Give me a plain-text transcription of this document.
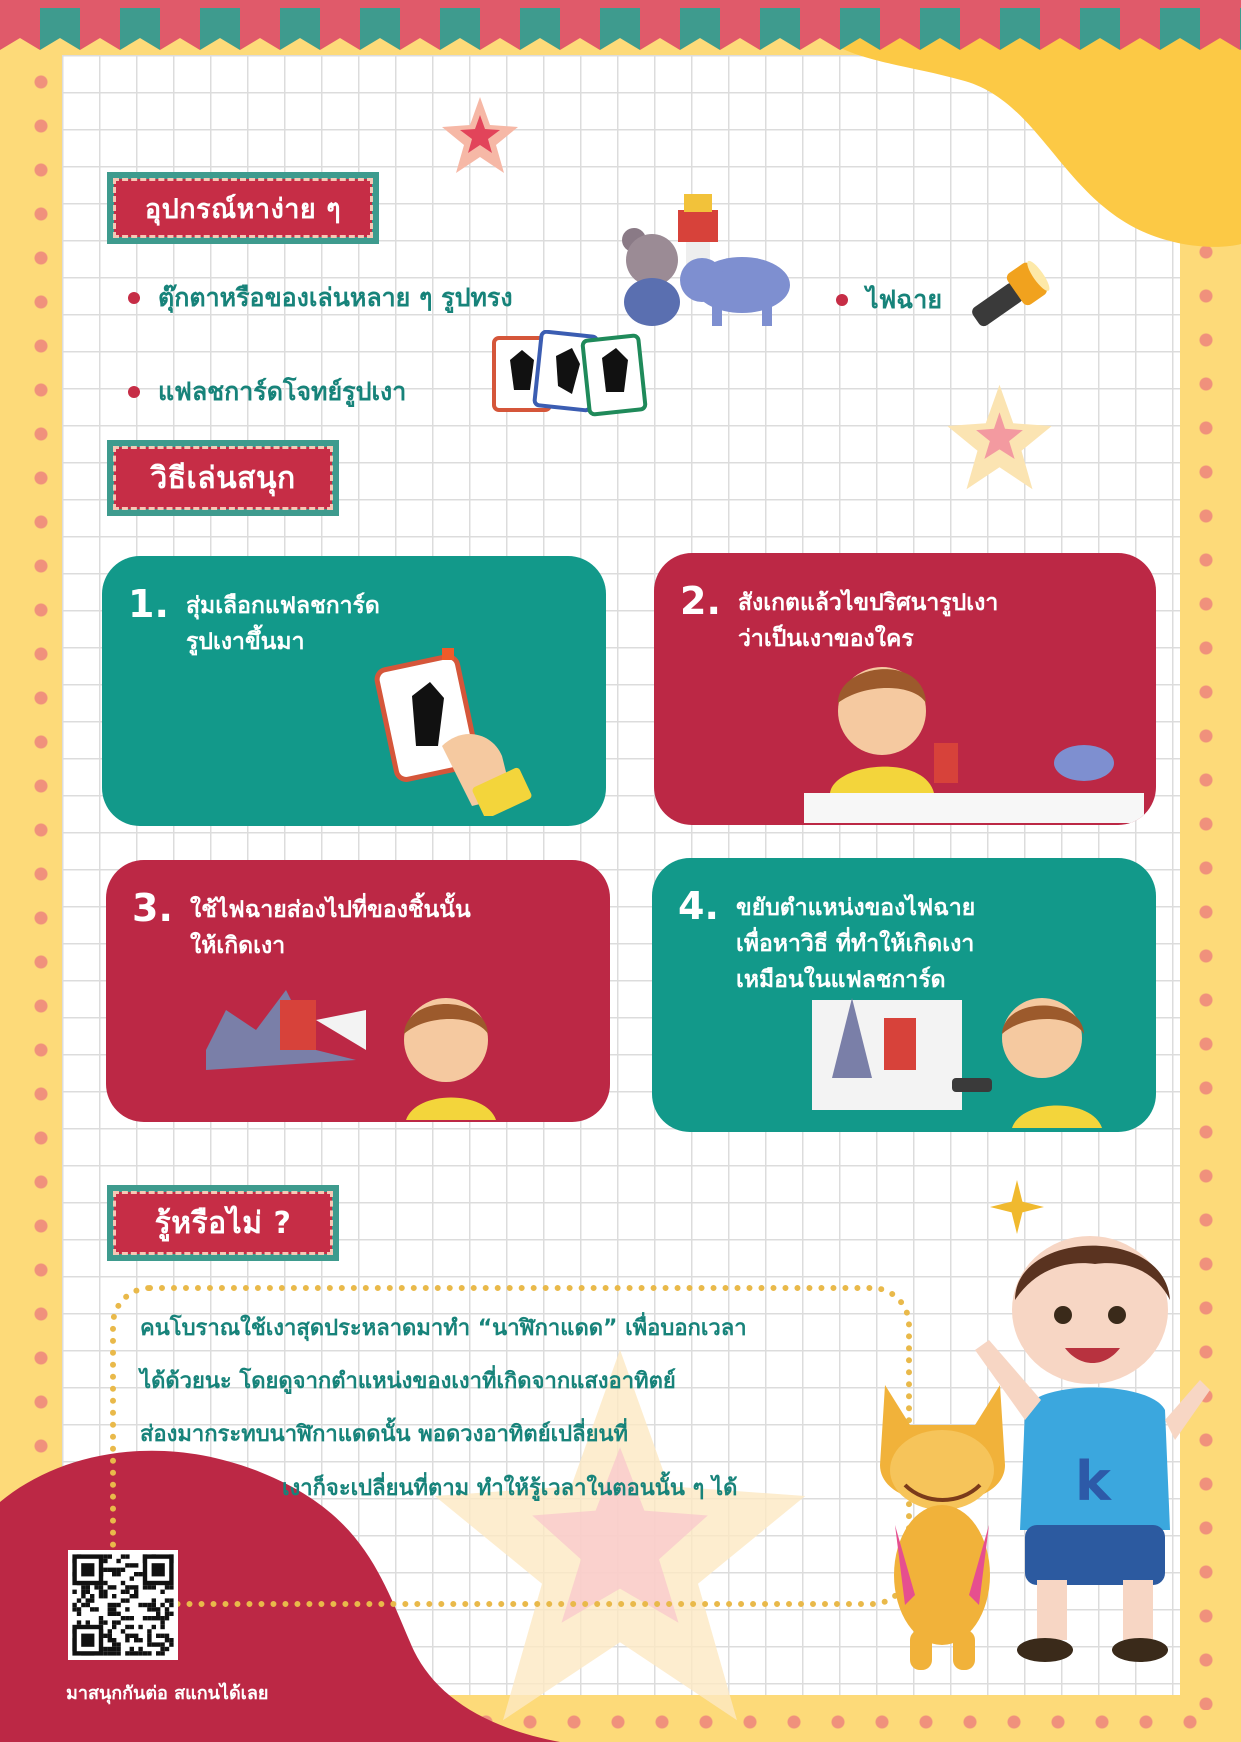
อุปกรณ์หาง่าย ๆ
ตุ๊กตาหรือของเล่นหลาย ๆ รูปทรง
แฟลชการ์ดโจทย์รูปเงา
ไฟฉาย
วิธีเล่นสนุก
1. สุ่มเลือกแฟลชการ์ด
รูปเงาขึ้นมา
2. สังเกตแล้วไขปริศนารูปเงา
ว่าเป็นเงาของใคร
3. ใช้ไฟฉายส่องไปที่ของชิ้นนั้น
ให้เกิดเงา
4. ขยับตำแหน่งของไฟฉาย
เพื่อหาวิธี ที่ทำให้เกิดเงา
เหมือนในแฟลชการ์ด
รู้หรือไม่ ?
คนโบราณใช้เงาสุดประหลาดมาทำ “นาฬิกาแดด” เพื่อบอกเวลา
ได้ด้วยนะ โดยดูจากตำแหน่งของเงาที่เกิดจากแสงอาทิตย์
ส่องมากระทบนาฬิกาแดดนั้น พอดวงอาทิตย์เปลี่ยนที่
เงาก็จะเปลี่ยนที่ตาม ทำให้รู้เวลาในตอนนั้น ๆ ได้	k
มาสนุกกันต่อ สแกนได้เลย
